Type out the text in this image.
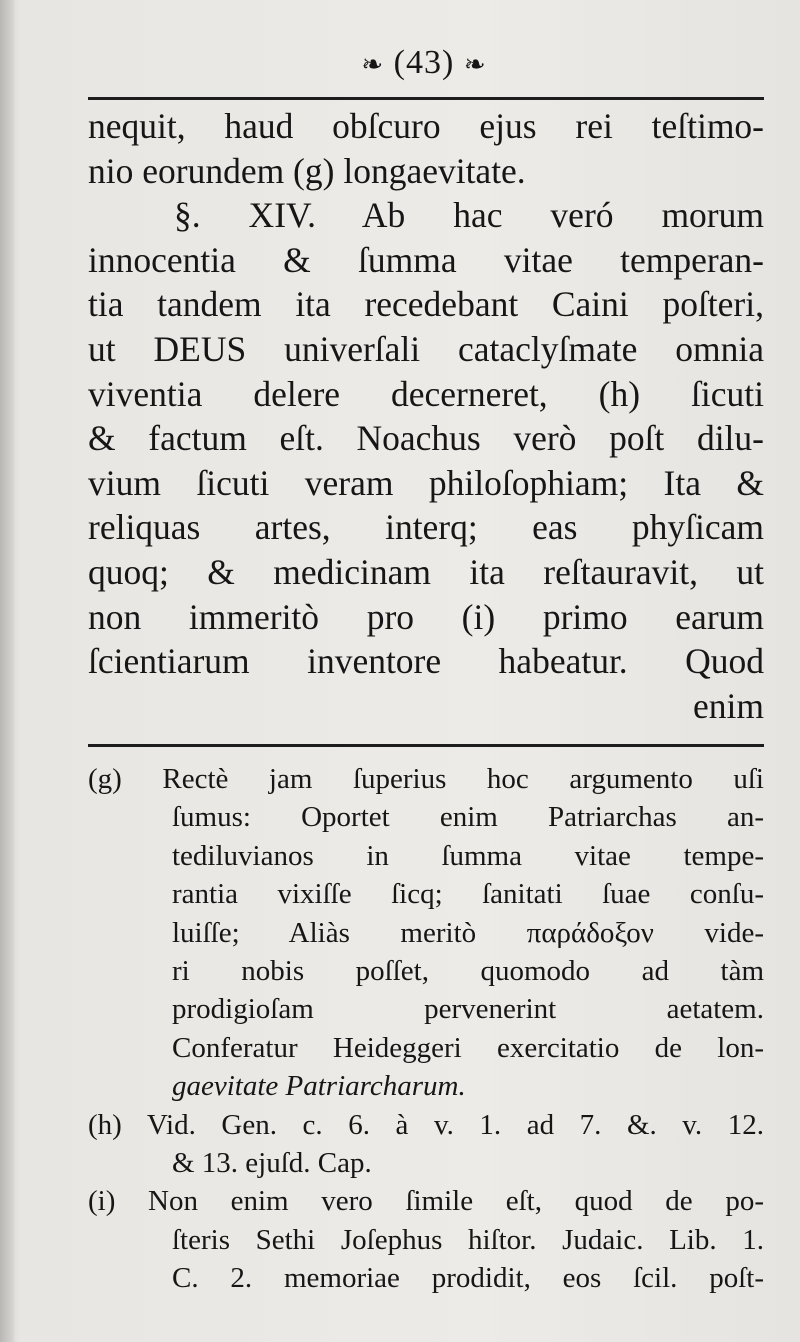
❧ (43) ❧
nequit, haud obſcuro ejus rei teſtimo-
nio eorundem (g) longaevitate.
§. XIV. Ab hac veró morum
innocentia & ſumma vitae temperan-
tia tandem ita recedebant Caini poſteri,
ut DEUS univerſali cataclyſmate omnia
viventia delere decerneret, (h) ſicuti
& factum eſt. Noachus verò poſt dilu-
vium ſicuti veram philoſophiam; Ita &
reliquas artes, interq; eas phyſicam
quoq; & medicinam ita reſtauravit, ut
non immeritò pro (i) primo earum
ſcientiarum inventore habeatur. Quod
enim
(g) Rectè jam ſuperius hoc argumento uſi
ſumus: Oportet enim Patriarchas an-
tediluvianos in ſumma vitae tempe-
rantia vixiſſe ſicq; ſanitati ſuae conſu-
luiſſe; Aliàs meritò παράδοξον vide-
ri nobis poſſet, quomodo ad tàm
prodigioſam pervenerint aetatem.
Conferatur Heideggeri exercitatio de lon-
gaevitate Patriarcharum.
(h) Vid. Gen. c. 6. à v. 1. ad 7. &. v. 12.
& 13. ejuſd. Cap.
(i) Non enim vero ſimile eſt, quod de po-
ſteris Sethi Joſephus hiſtor. Judaic. Lib. 1.
C. 2. memoriae prodidit, eos ſcil. poſt-
